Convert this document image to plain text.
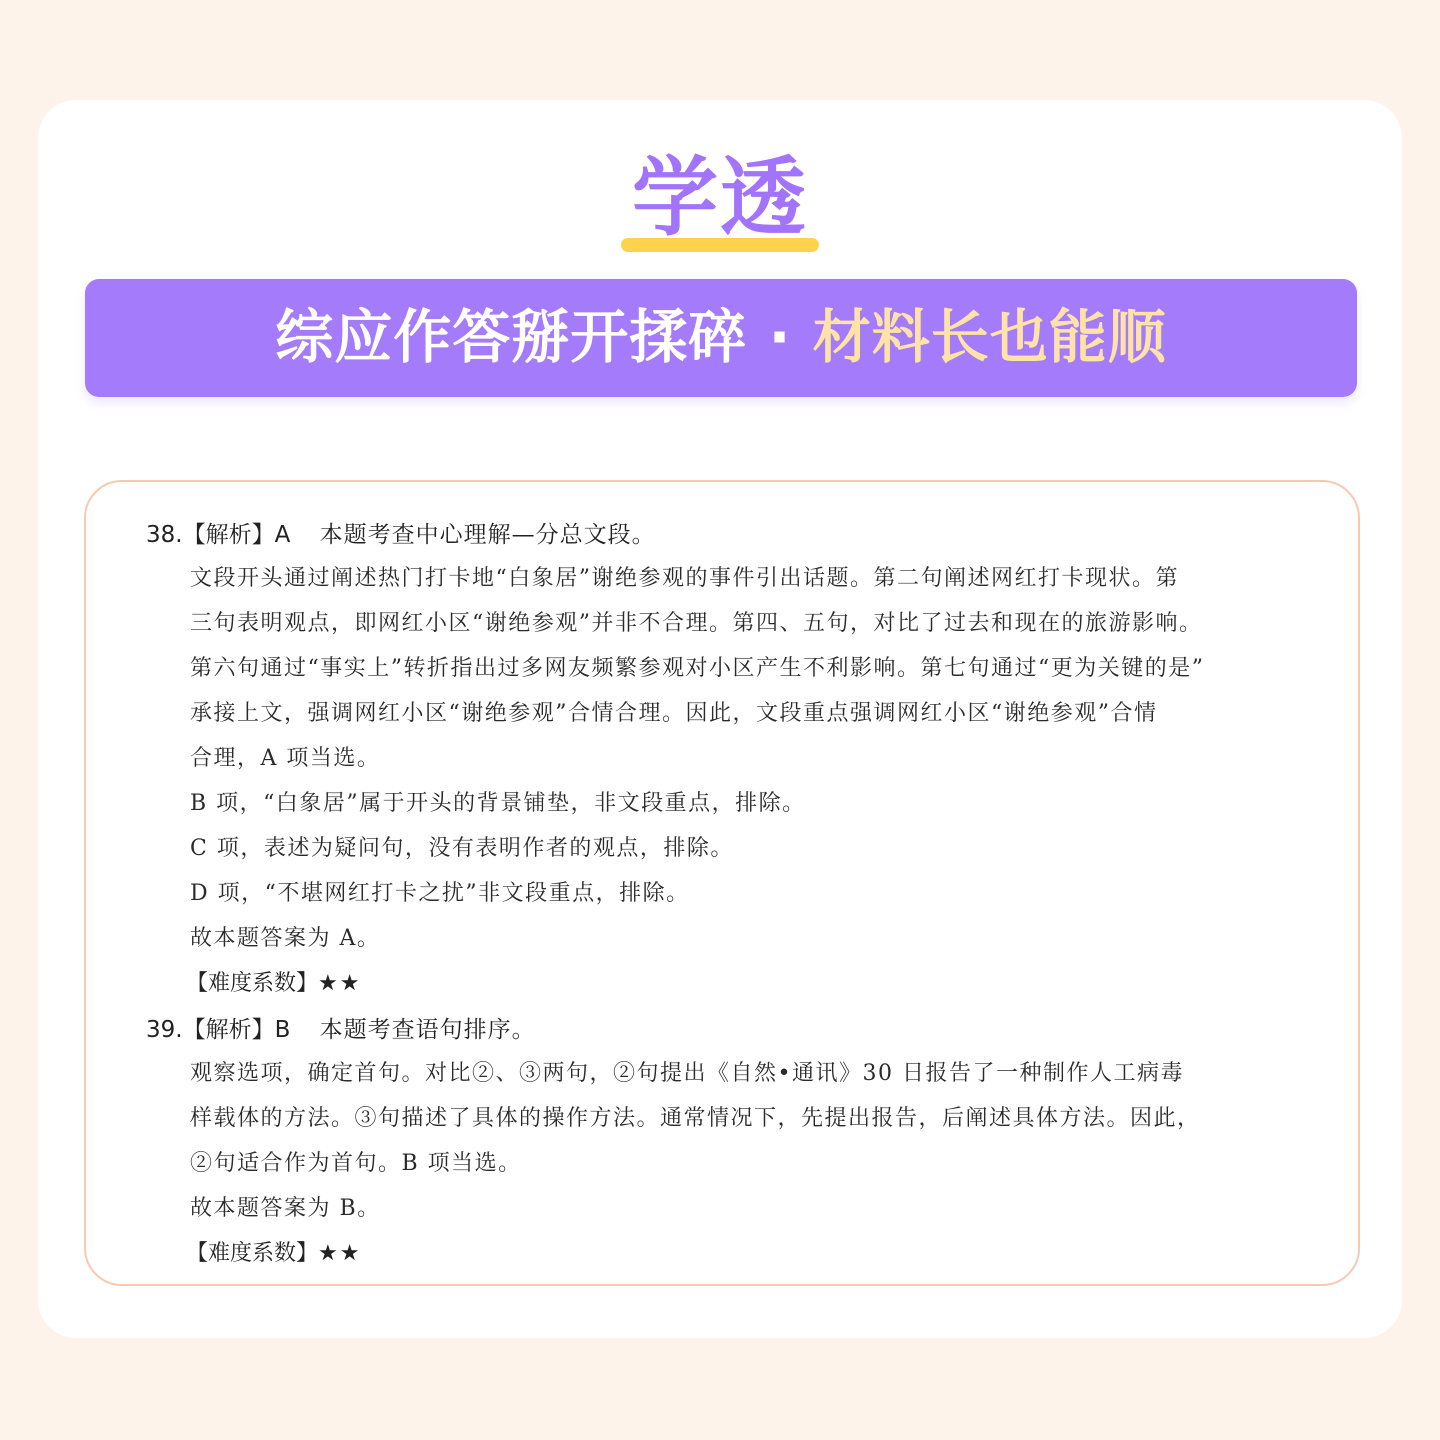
学透
综应作答掰开揉碎 · 材料长也能顺
38.【解析】A 本题考查中心理解—分总文段。
文段开头通过阐述热门打卡地“白象居”谢绝参观的事件引出话题。第二句阐述网红打卡现状。第
三句表明观点，即网红小区“谢绝参观”并非不合理。第四、五句，对比了过去和现在的旅游影响。
第六句通过“事实上”转折指出过多网友频繁参观对小区产生不利影响。第七句通过“更为关键的是”
承接上文，强调网红小区“谢绝参观”合情合理。因此，文段重点强调网红小区“谢绝参观”合情
合理，A 项当选。
B 项，“白象居”属于开头的背景铺垫，非文段重点，排除。
C 项，表述为疑问句，没有表明作者的观点，排除。
D 项，“不堪网红打卡之扰”非文段重点，排除。
故本题答案为 A。
【难度系数】★★
39.【解析】B 本题考查语句排序。
观察选项，确定首句。对比②、③两句，②句提出《自然•通讯》30 日报告了一种制作人工病毒
样载体的方法。③句描述了具体的操作方法。通常情况下，先提出报告，后阐述具体方法。因此，
②句适合作为首句。B 项当选。
故本题答案为 B。
【难度系数】★★
